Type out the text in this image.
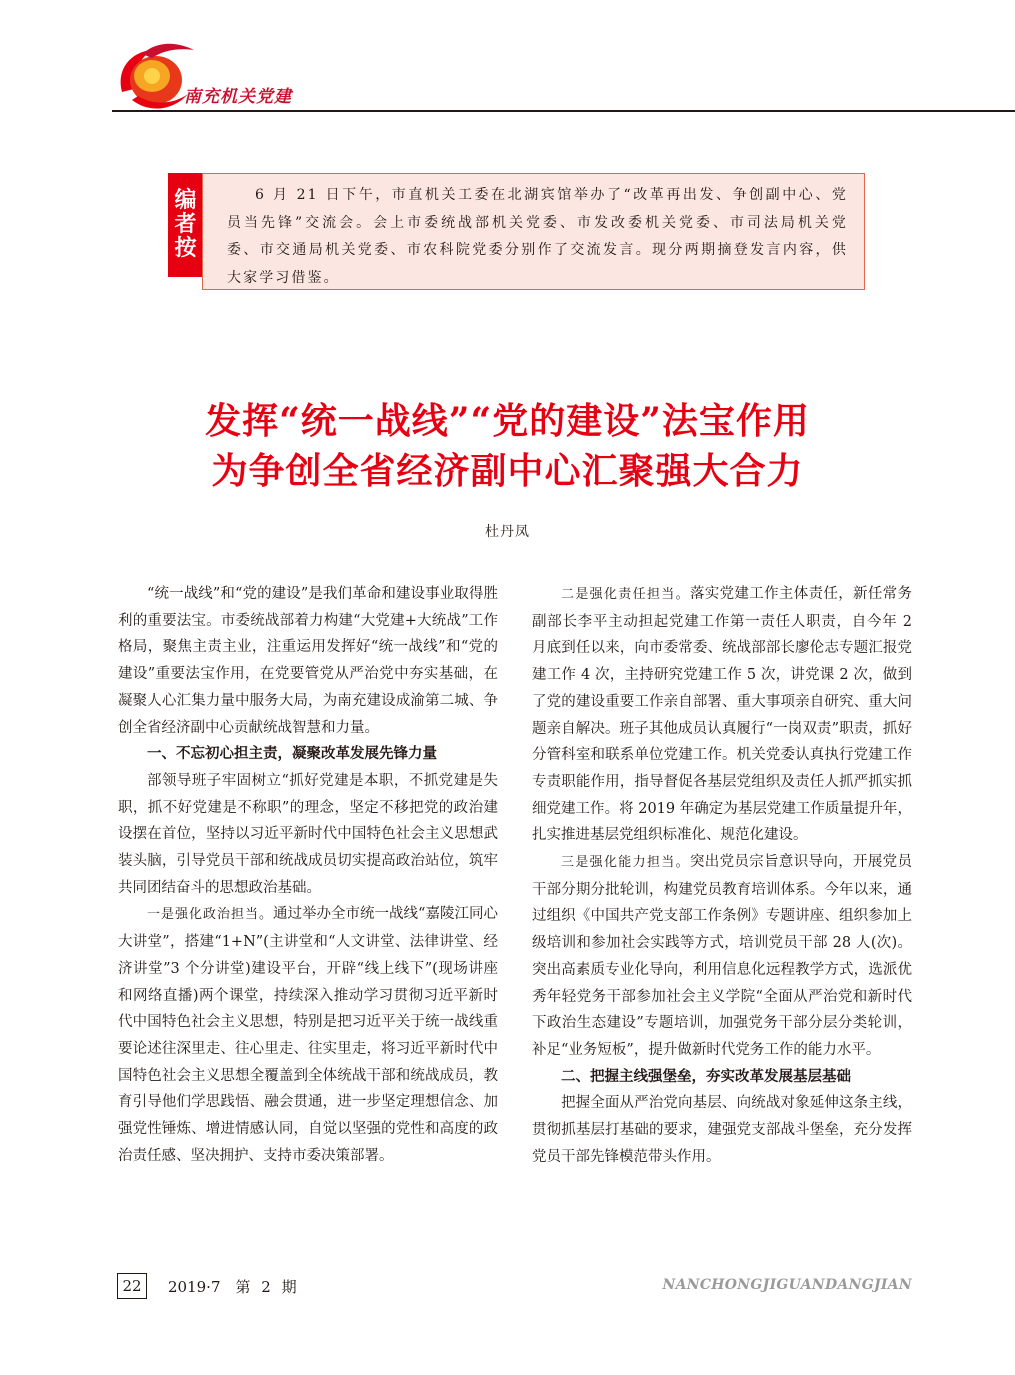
南充机关党建
编
者
按
6 月 21 日下午，市直机关工委在北湖宾馆举办了“改革再出发、争创副中心、党员当先锋”交流会。会上市委统战部机关党委、市发改委机关党委、市司法局机关党委、市交通局机关党委、市农科院党委分别作了交流发言。现分两期摘登发言内容，供大家学习借鉴。
发挥“统一战线”“党的建设”法宝作用
为争创全省经济副中心汇聚强大合力
杜丹凤

“统一战线”和“党的建设”是我们革命和建设事业取得胜利的重要法宝。市委统战部着力构建“大党建+大统战”工作格局，聚焦主责主业，注重运用发挥好“统一战线”和“党的建设”重要法宝作用，在党要管党从严治党中夯实基础，在凝聚人心汇集力量中服务大局，为南充建设成渝第二城、争创全省经济副中心贡献统战智慧和力量。

一、不忘初心担主责，凝聚改革发展先锋力量

部领导班子牢固树立“抓好党建是本职，不抓党建是失职，抓不好党建是不称职”的理念，坚定不移把党的政治建设摆在首位，坚持以习近平新时代中国特色社会主义思想武装头脑，引导党员干部和统战成员切实提高政治站位，筑牢共同团结奋斗的思想政治基础。

一是强化政治担当。通过举办全市统一战线“嘉陵江同心大讲堂”，搭建“1+N”(主讲堂和“人文讲堂、法律讲堂、经济讲堂”3 个分讲堂)建设平台，开辟“线上线下”(现场讲座和网络直播)两个课堂，持续深入推动学习贯彻习近平新时代中国特色社会主义思想，特别是把习近平关于统一战线重要论述往深里走、往心里走、往实里走，将习近平新时代中国特色社会主义思想全覆盖到全体统战干部和统战成员，教育引导他们学思践悟、融会贯通，进一步坚定理想信念、加强党性锤炼、增进情感认同，自觉以坚强的党性和高度的政治责任感、坚决拥护、支持市委决策部署。

二是强化责任担当。落实党建工作主体责任，新任常务副部长李平主动担起党建工作第一责任人职责，自今年 2 月底到任以来，向市委常委、统战部部长廖伦志专题汇报党建工作 4 次，主持研究党建工作 5 次，讲党课 2 次，做到了党的建设重要工作亲自部署、重大事项亲自研究、重大问题亲自解决。班子其他成员认真履行“一岗双责”职责，抓好分管科室和联系单位党建工作。机关党委认真执行党建工作专责职能作用，指导督促各基层党组织及责任人抓严抓实抓细党建工作。将 2019 年确定为基层党建工作质量提升年，扎实推进基层党组织标准化、规范化建设。

三是强化能力担当。突出党员宗旨意识导向，开展党员干部分期分批轮训，构建党员教育培训体系。今年以来，通过组织《中国共产党支部工作条例》专题讲座、组织参加上级培训和参加社会实践等方式，培训党员干部 28 人(次)。突出高素质专业化导向，利用信息化远程教学方式，选派优秀年轻党务干部参加社会主义学院“全面从严治党和新时代下政治生态建设”专题培训，加强党务干部分层分类轮训，补足“业务短板”，提升做新时代党务工作的能力水平。

二、把握主线强堡垒，夯实改革发展基层基础

把握全面从严治党向基层、向统战对象延伸这条主线，贯彻抓基层打基础的要求，建强党支部战斗堡垒，充分发挥党员干部先锋模范带头作用。

22	2019·7　第 2 期	NANCHONGJIGUANDANGJIAN
